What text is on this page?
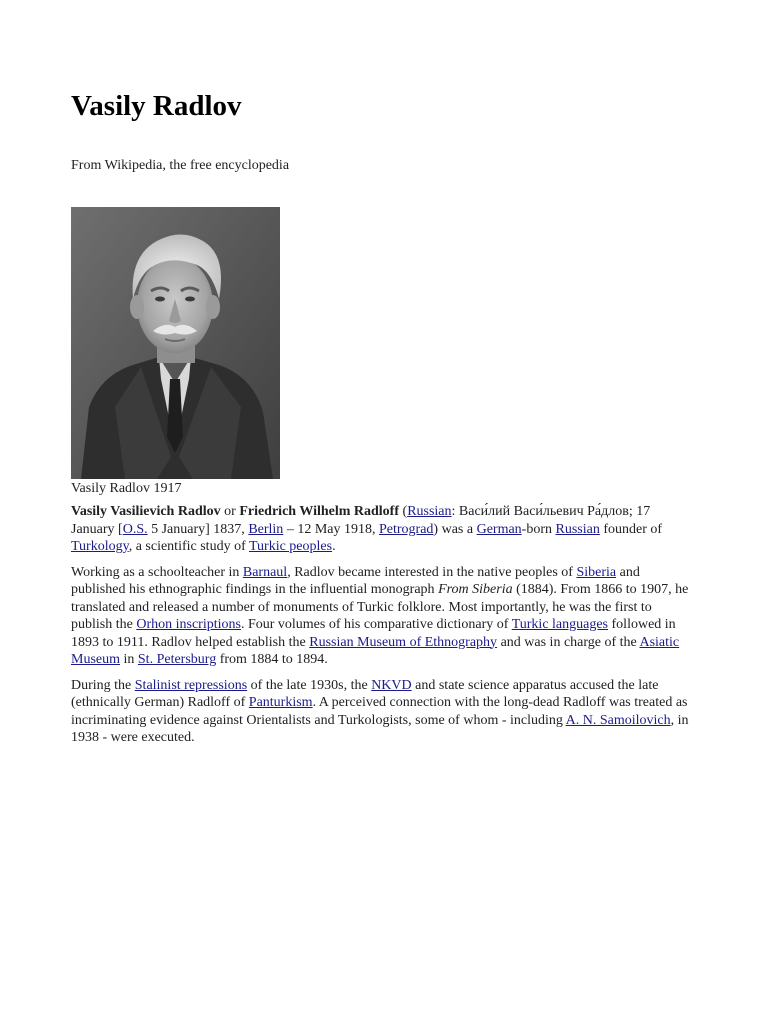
Vasily Radlov
From Wikipedia, the free encyclopedia
Vasily Radlov 1917

Vasily Vasilievich Radlov or Friedrich Wilhelm Radloff (Russian: Васи́лий Васи́льевич Ра́длов; 17 January [O.S. 5 January] 1837, Berlin – 12 May 1918, Petrograd) was a German-born Russian founder of Turkology, a scientific study of Turkic peoples.

Working as a schoolteacher in Barnaul, Radlov became interested in the native peoples of Siberia and published his ethnographic findings in the influential monograph From Siberia (1884). From 1866 to 1907, he translated and released a number of monuments of Turkic folklore. Most importantly, he was the first to publish the Orhon inscriptions. Four volumes of his comparative dictionary of Turkic languages followed in 1893 to 1911. Radlov helped establish the Russian Museum of Ethnography and was in charge of the Asiatic Museum in St. Petersburg from 1884 to 1894.

During the Stalinist repressions of the late 1930s, the NKVD and state science apparatus accused the late (ethnically German) Radloff of Panturkism. A perceived connection with the long-dead Radloff was treated as incriminating evidence against Orientalists and Turkologists, some of whom - including A. N. Samoilovich, in 1938 - were executed.
